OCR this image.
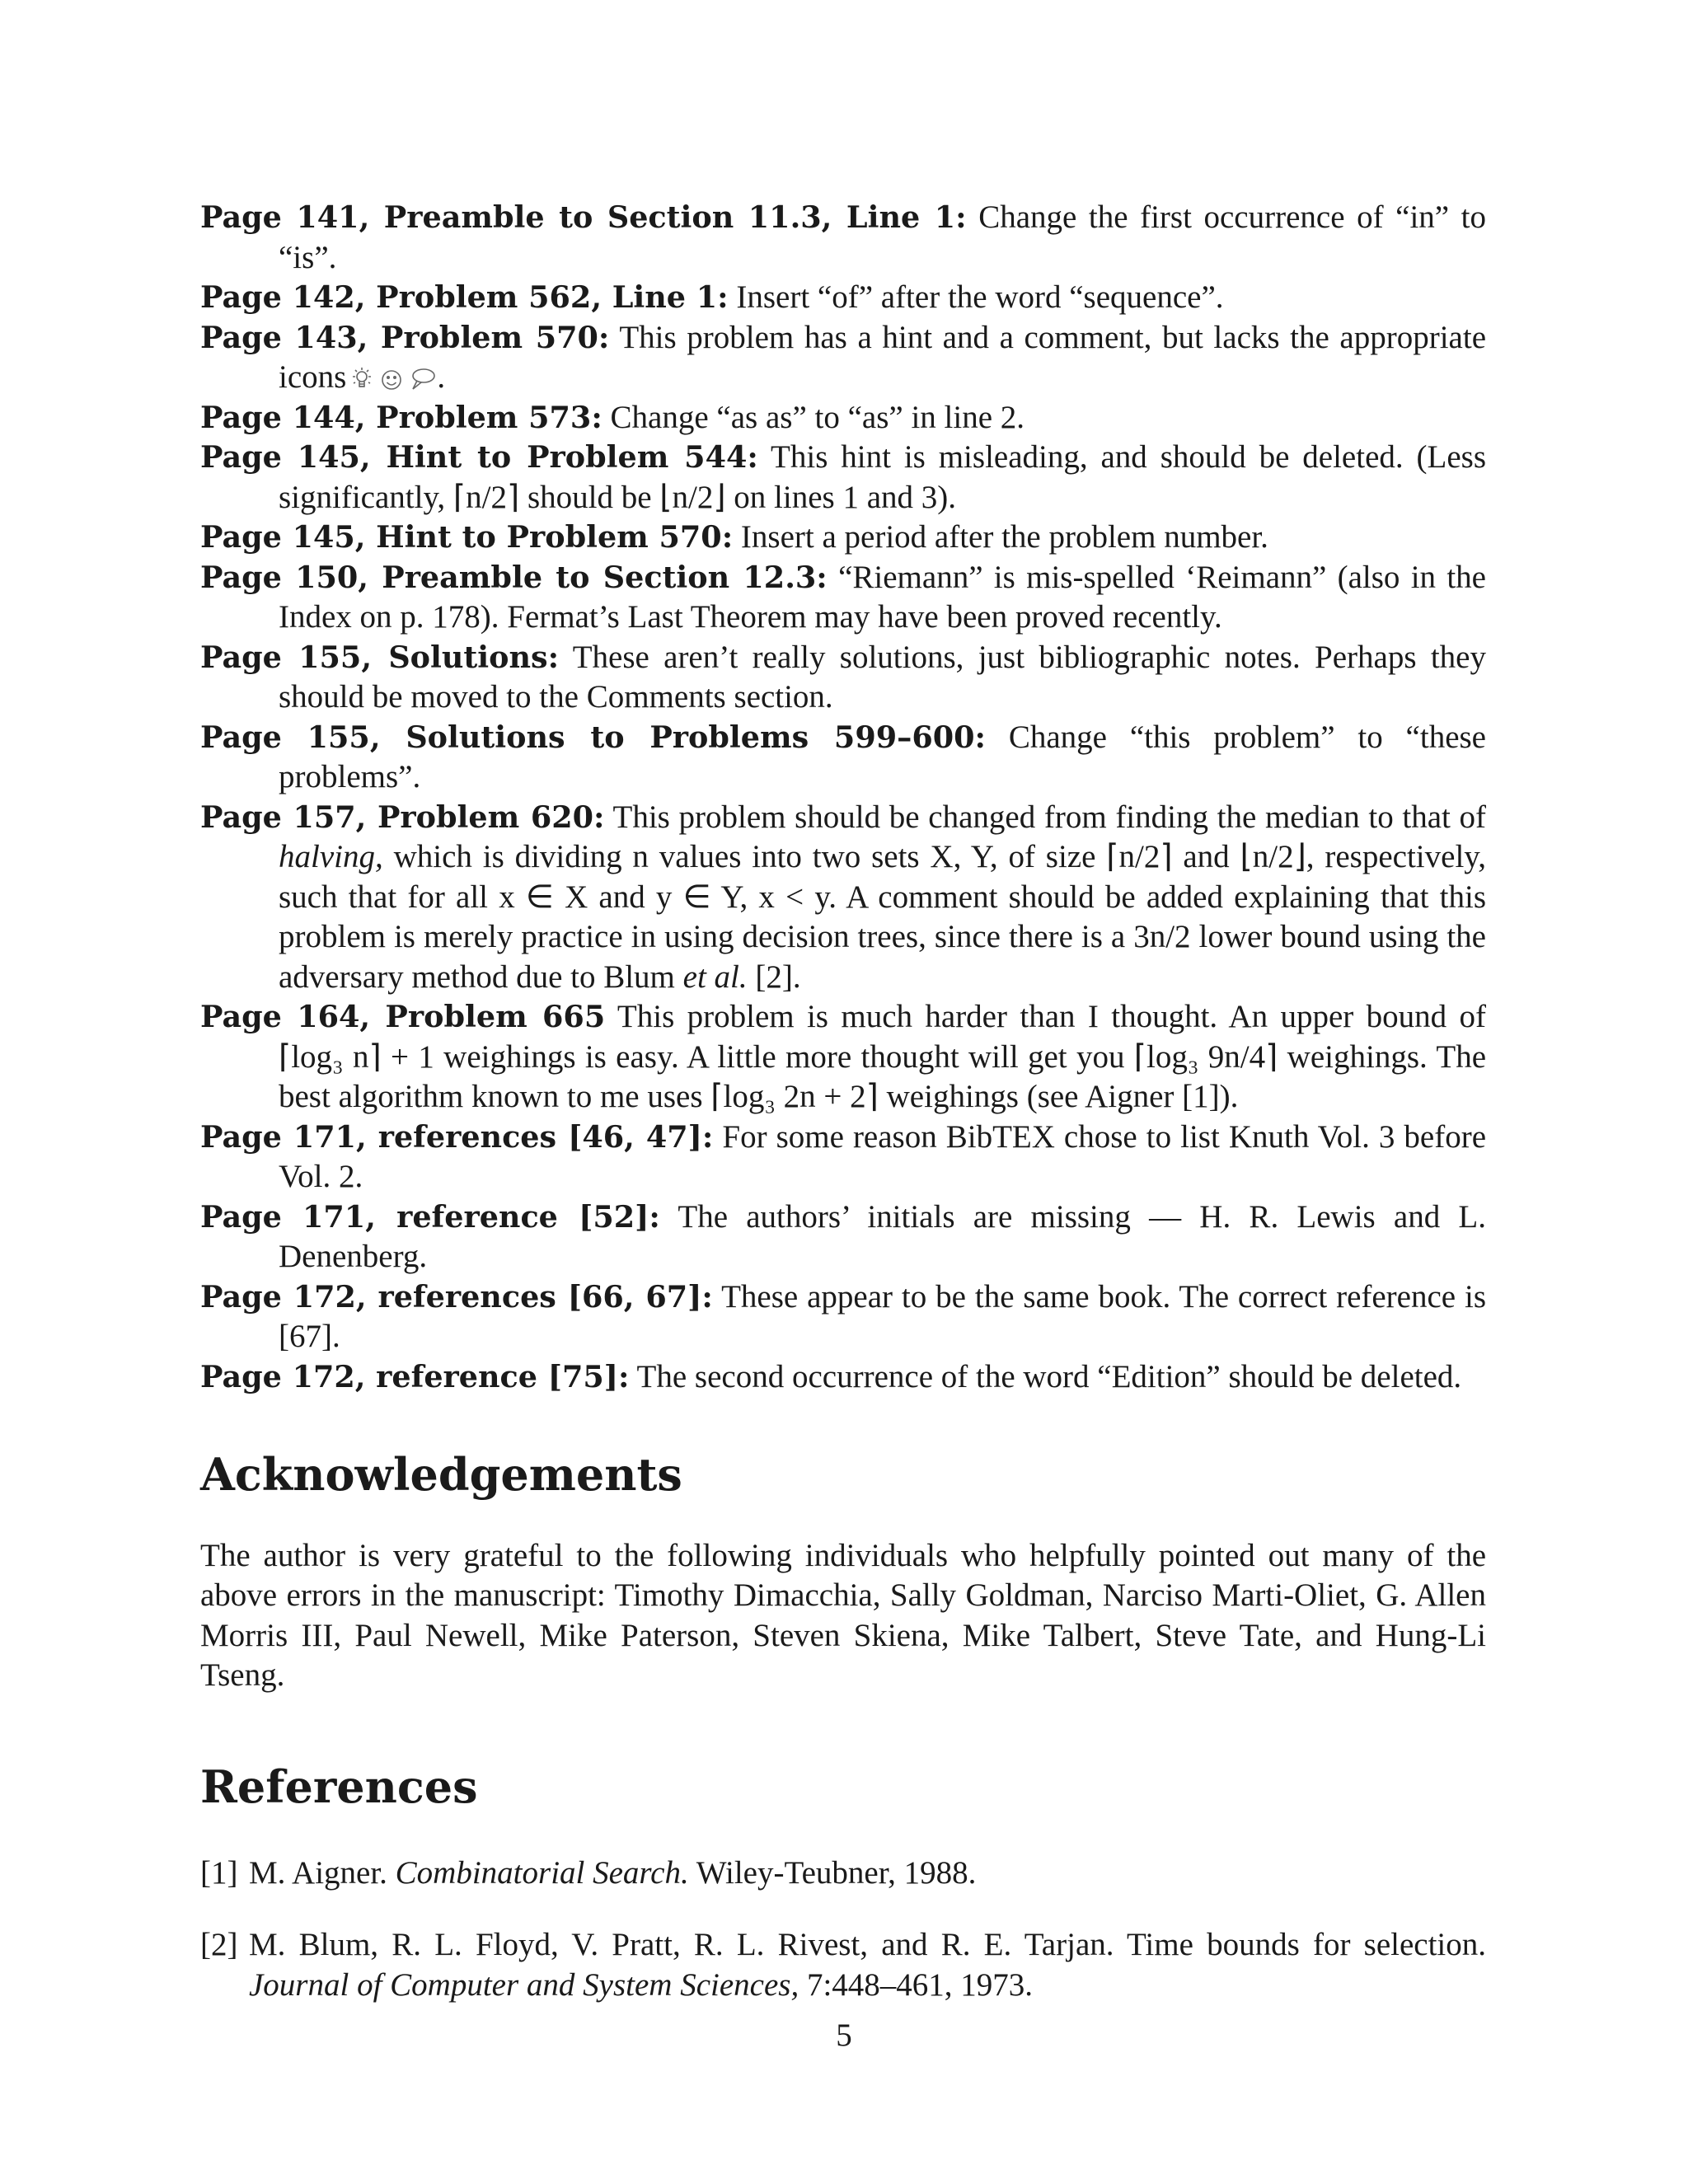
Page 141, Preamble to Section 11.3, Line 1: Change the first occurrence of “in” to “is”.

Page 142, Problem 562, Line 1: Insert “of” after the word “sequence”.

Page 143, Problem 570: This problem has a hint and a comment, but lacks the appropriate icons	.

Page 144, Problem 573: Change “as as” to “as” in line 2.

Page 145, Hint to Problem 544: This hint is misleading, and should be deleted. (Less significantly, ⌈n/2⌉ should be ⌊n/2⌋ on lines 1 and 3).

Page 145, Hint to Problem 570: Insert a period after the problem number.

Page 150, Preamble to Section 12.3: “Riemann” is mis-spelled ‘Reimann” (also in the Index on p. 178). Fermat’s Last Theorem may have been proved recently.

Page 155, Solutions: These aren’t really solutions, just bibliographic notes. Perhaps they should be moved to the Comments section.

Page 155, Solutions to Problems 599–600: Change “this problem” to “these problems”.

Page 157, Problem 620: This problem should be changed from finding the median to that of halving, which is dividing n values into two sets X, Y, of size ⌈n/2⌉ and ⌊n/2⌋, respectively, such that for all x ∈ X and y ∈ Y, x < y. A comment should be added explaining that this problem is merely practice in using decision trees, since there is a 3n/2 lower bound using the adversary method due to Blum et al. [2].

Page 164, Problem 665 This problem is much harder than I thought. An upper bound of ⌈log₃ n⌉ + 1 weighings is easy. A little more thought will get you ⌈log₃ 9n/4⌉ weighings. The best algorithm known to me uses ⌈log₃ 2n + 2⌉ weighings (see Aigner [1]).

Page 171, references [46, 47]: For some reason BibTEX chose to list Knuth Vol. 3 before Vol. 2.

Page 171, reference [52]: The authors’ initials are missing — H. R. Lewis and L. Denenberg.

Page 172, references [66, 67]: These appear to be the same book. The correct reference is [67].

Page 172, reference [75]: The second occurrence of the word “Edition” should be deleted.

Acknowledgements

The author is very grateful to the following individuals who helpfully pointed out many of the above errors in the manuscript: Timothy Dimacchia, Sally Goldman, Narciso Marti-Oliet, G. Allen Morris III, Paul Newell, Mike Paterson, Steven Skiena, Mike Talbert, Steve Tate, and Hung-Li Tseng.

References

[1] M. Aigner. Combinatorial Search. Wiley-Teubner, 1988.

[2] M. Blum, R. L. Floyd, V. Pratt, R. L. Rivest, and R. E. Tarjan. Time bounds for selection. Journal of Computer and System Sciences, 7:448–461, 1973.

5
